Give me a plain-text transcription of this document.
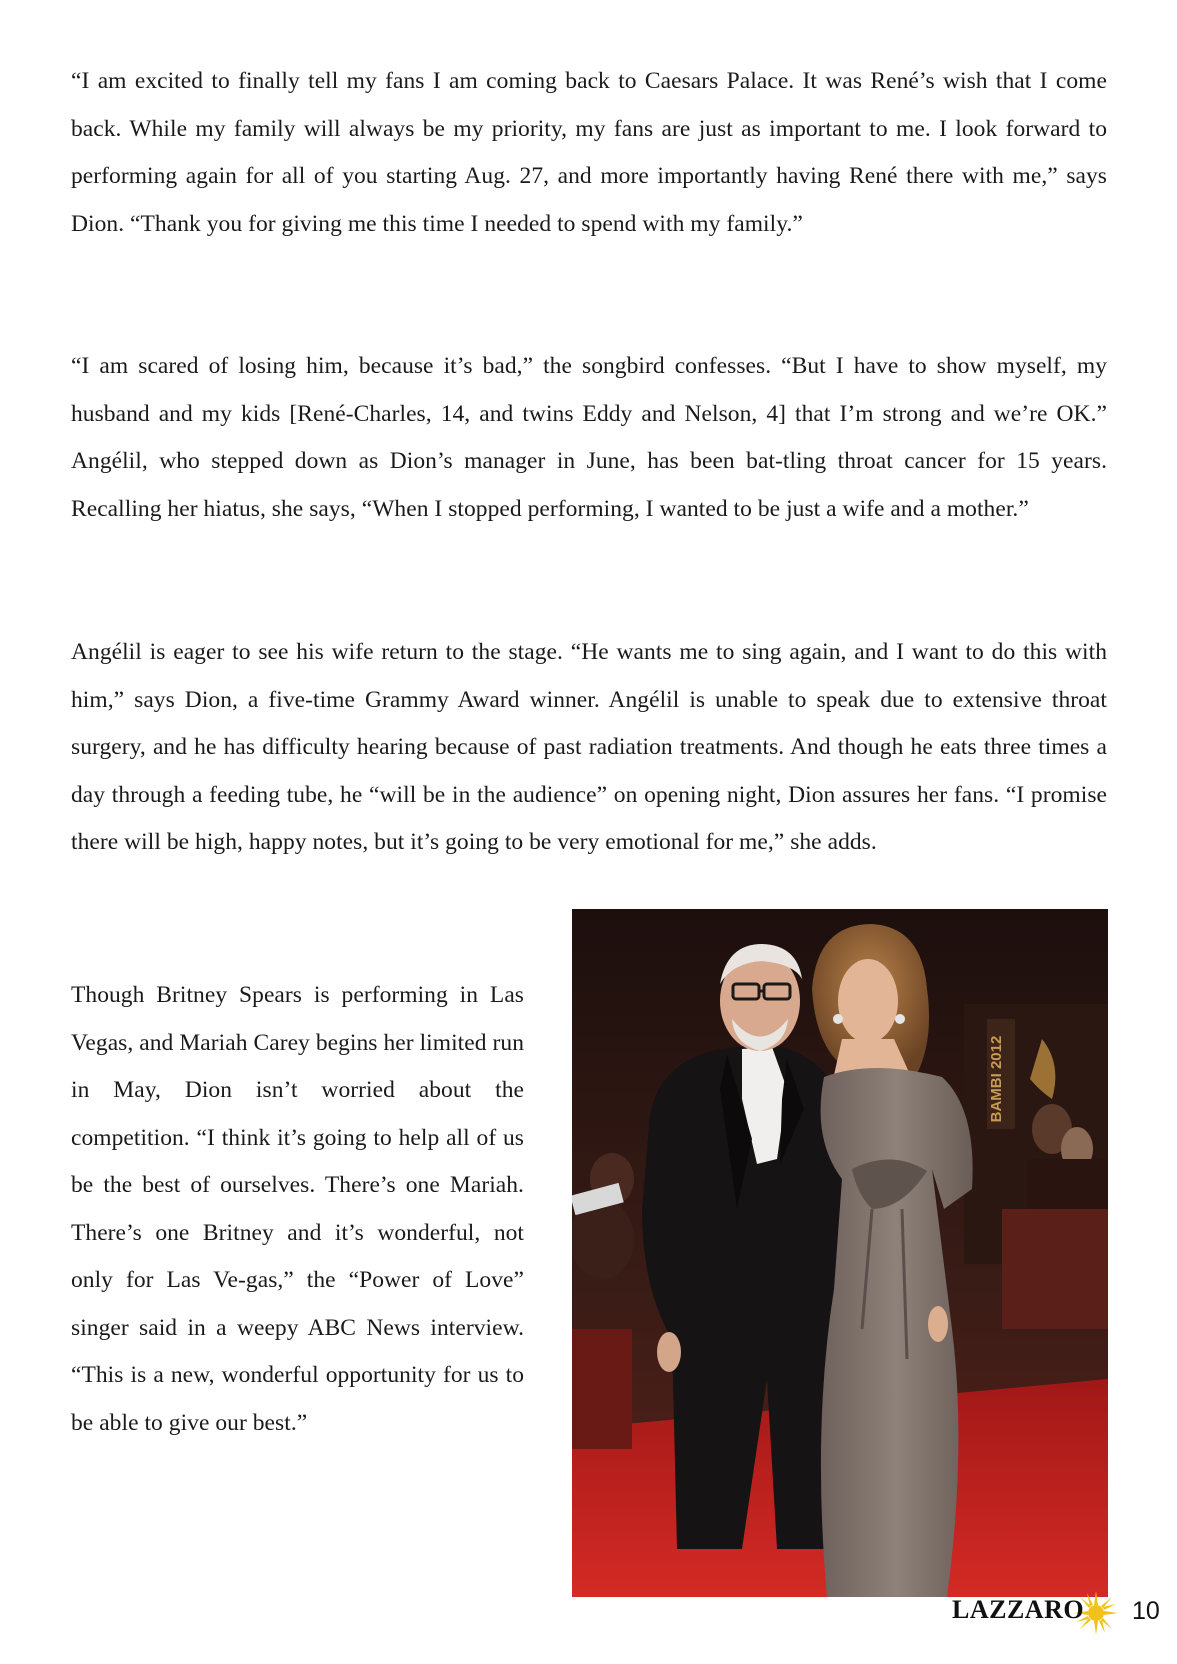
“I am excited to finally tell my fans I am coming back to Caesars Palace. It was René’s wish that I come back. While my family will always be my priority, my fans are just as important to me. I look forward to performing again for all of you starting Aug. 27, and more importantly having René there with me,” says Dion. “Thank you for giving me this time I needed to spend with my family.”

“I am scared of losing him, because it’s bad,” the songbird confesses. “But I have to show myself, my husband and my kids [René-Charles, 14, and twins Eddy and Nelson, 4] that I’m strong and we’re OK.” Angélil, who stepped down as Dion’s manager in June, has been bat-tling throat cancer for 15 years. Recalling her hiatus, she says, “When I stopped performing, I wanted to be just a wife and a mother.”

Angélil is eager to see his wife return to the stage. “He wants me to sing again, and I want to do this with him,” says Dion, a five-time Grammy Award winner. Angélil is unable to speak due to extensive throat surgery, and he has difficulty hearing because of past radiation treatments. And though he eats three times a day through a feeding tube, he “will be in the audience” on opening night, Dion assures her fans. “I promise there will be high, happy notes, but it’s going to be very emotional for me,” she adds.

Though Britney Spears is performing in Las Vegas, and Mariah Carey begins her limited run in May, Dion isn’t worried about the competition. “I think it’s going to help all of us be the best of ourselves. There’s one Mariah. There’s one Britney and it’s wonderful, not only for Las Ve-gas,” the “Power of Love” singer said in a weepy ABC News interview. “This is a new, wonderful opportunity for us to be able to give our best.”

BAMBI 2012
LAZZARO 10
